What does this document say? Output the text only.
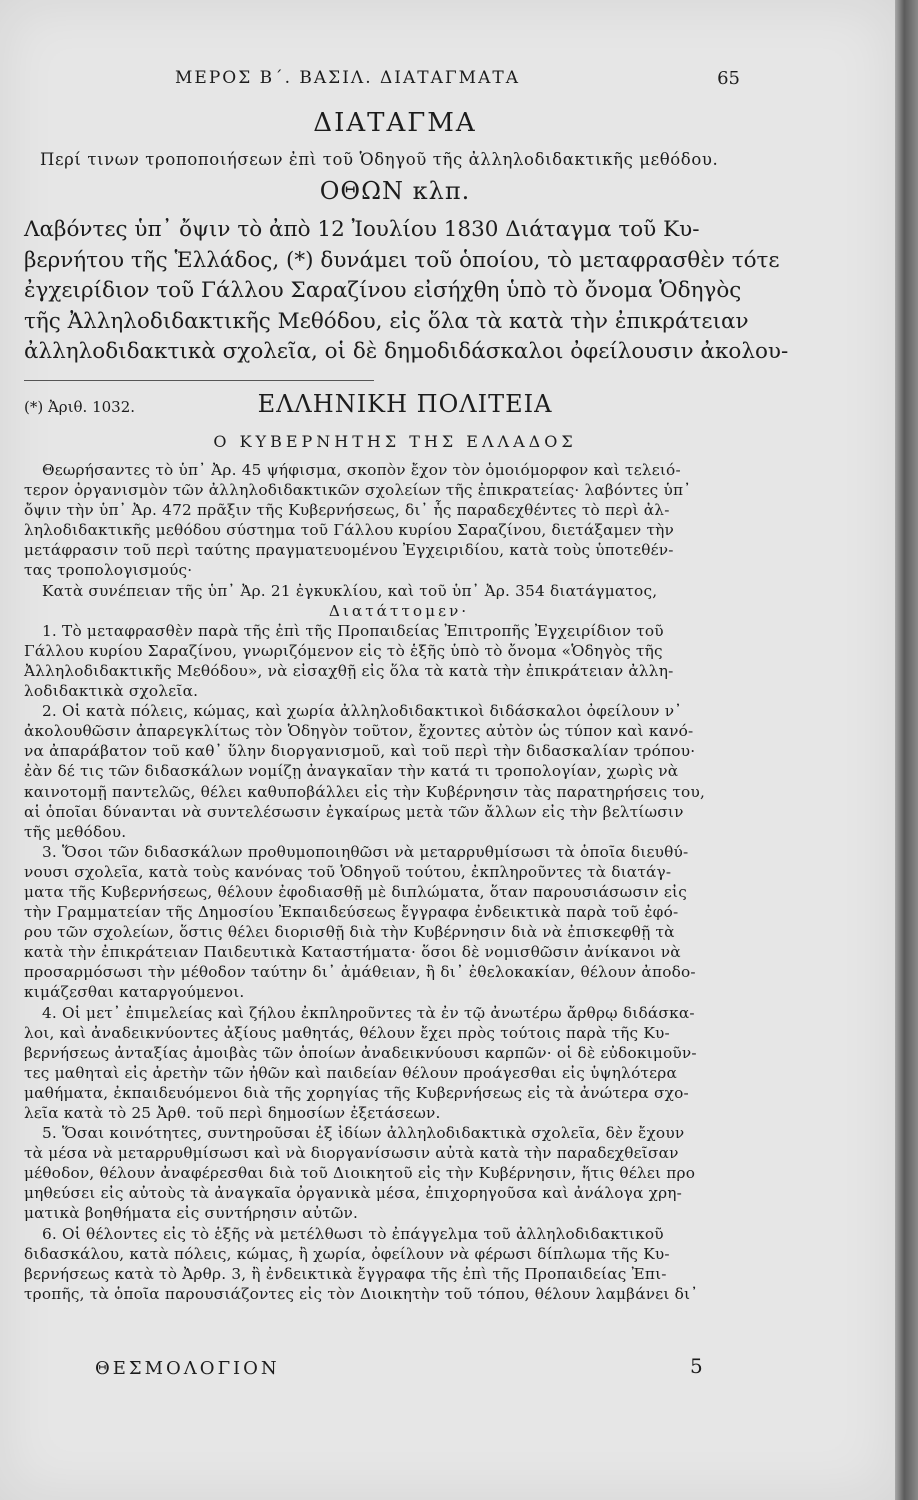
ΜΕΡΟΣ Β΄. ΒΑΣΙΛ. ΔΙΑΤΑΓΜΑΤΑ	65
ΔΙΑΤΑΓΜΑ
Περί τινων τροποποιήσεων ἐπὶ τοῦ Ὁδηγοῦ τῆς ἀλληλοδιδακτικῆς μεθόδου.
ΟΘΩΝ κλπ.
Λαβόντες ὑπ᾽ ὄψιν τὸ ἀπὸ 12 Ἰουλίου 1830 Διάταγμα τοῦ Κυ-
βερνήτου τῆς Ἑλλάδος, (*) δυνάμει τοῦ ὁποίου, τὸ μεταφρασθὲν τότε
ἐγχειρίδιον τοῦ Γάλλου Σαραζίνου εἰσήχθη ὑπὸ τὸ ὄνομα Ὁδηγὸς
τῆς Ἀλληλοδιδακτικῆς Μεθόδου, εἰς ὅλα τὰ κατὰ τὴν ἐπικράτειαν
ἀλληλοδιδακτικὰ σχολεῖα, οἱ δὲ δημοδιδάσκαλοι ὀφείλουσιν ἀκολου-
(*) Ἀριθ. 1032.	ΕΛΛΗΝΙΚΗ ΠΟΛΙΤΕΙΑ
Ο ΚΥΒΕΡΝΗΤΗΣ ΤΗΣ ΕΛΛΑΔΟΣ
Θεωρήσαντες τὸ ὑπ᾽ Ἀρ. 45 ψήφισμα, σκοπὸν ἔχον τὸν ὁμοιόμορφον καὶ τελειό-
τερον ὀργανισμὸν τῶν ἀλληλοδιδακτικῶν σχολείων τῆς ἐπικρατείας· λαβόντες ὑπ᾽
ὄψιν τὴν ὑπ᾽ Ἀρ. 472 πρᾶξιν τῆς Κυβερνήσεως, δι᾽ ἧς παραδεχθέντες τὸ περὶ ἀλ-
ληλοδιδακτικῆς μεθόδου σύστημα τοῦ Γάλλου κυρίου Σαραζίνου, διετάξαμεν τὴν
μετάφρασιν τοῦ περὶ ταύτης πραγματευομένου Ἐγχειριδίου, κατὰ τοὺς ὑποτεθέν-
τας τροπολογισμούς·
Κατὰ συνέπειαν τῆς ὑπ᾽ Ἀρ. 21 ἐγκυκλίου, καὶ τοῦ ὑπ᾽ Ἀρ. 354 διατάγματος,
Διατάττομεν·
1. Τὸ μεταφρασθὲν παρὰ τῆς ἐπὶ τῆς Προπαιδείας Ἐπιτροπῆς Ἐγχειρίδιον τοῦ
Γάλλου κυρίου Σαραζίνου, γνωριζόμενον εἰς τὸ ἑξῆς ὑπὸ τὸ ὄνομα «Ὁδηγὸς τῆς
Ἀλληλοδιδακτικῆς Μεθόδου», νὰ εἰσαχθῇ εἰς ὅλα τὰ κατὰ τὴν ἐπικράτειαν ἀλλη-
λοδιδακτικὰ σχολεῖα.
2. Οἱ κατὰ πόλεις, κώμας, καὶ χωρία ἀλληλοδιδακτικοὶ διδάσκαλοι ὀφείλουν ν᾽
ἀκολουθῶσιν ἀπαρεγκλίτως τὸν Ὁδηγὸν τοῦτον, ἔχοντες αὐτὸν ὡς τύπον καὶ κανό-
να ἀπαράβατον τοῦ καθ᾽ ὕλην διοργανισμοῦ, καὶ τοῦ περὶ τὴν διδασκαλίαν τρόπου·
ἐὰν δέ τις τῶν διδασκάλων νομίζῃ ἀναγκαῖαν τὴν κατά τι τροπολογίαν, χωρὶς νὰ
καινοτομῇ παντελῶς, θέλει καθυποβάλλει εἰς τὴν Κυβέρνησιν τὰς παρατηρήσεις του,
αἱ ὁποῖαι δύνανται νὰ συντελέσωσιν ἐγκαίρως μετὰ τῶν ἄλλων εἰς τὴν βελτίωσιν
τῆς μεθόδου.
3. Ὅσοι τῶν διδασκάλων προθυμοποιηθῶσι νὰ μεταρρυθμίσωσι τὰ ὁποῖα διευθύ-
νουσι σχολεῖα, κατὰ τοὺς κανόνας τοῦ Ὁδηγοῦ τούτου, ἐκπληροῦντες τὰ διατάγ-
ματα τῆς Κυβερνήσεως, θέλουν ἐφοδιασθῇ μὲ διπλώματα, ὅταν παρουσιάσωσιν εἰς
τὴν Γραμματείαν τῆς Δημοσίου Ἐκπαιδεύσεως ἔγγραφα ἐνδεικτικὰ παρὰ τοῦ ἐφό-
ρου τῶν σχολείων, ὅστις θέλει διορισθῇ διὰ τὴν Κυβέρνησιν διὰ νὰ ἐπισκεφθῇ τὰ
κατὰ τὴν ἐπικράτειαν Παιδευτικὰ Καταστήματα· ὅσοι δὲ νομισθῶσιν ἀνίκανοι νὰ
προσαρμόσωσι τὴν μέθοδον ταύτην δι᾽ ἀμάθειαν, ἢ δι᾽ ἐθελοκακίαν, θέλουν ἀποδο-
κιμάζεσθαι καταργούμενοι.
4. Οἱ μετ᾽ ἐπιμελείας καὶ ζήλου ἐκπληροῦντες τὰ ἐν τῷ ἀνωτέρω ἄρθρῳ διδάσκα-
λοι, καὶ ἀναδεικνύοντες ἀξίους μαθητάς, θέλουν ἔχει πρὸς τούτοις παρὰ τῆς Κυ-
βερνήσεως ἀνταξίας ἀμοιβὰς τῶν ὁποίων ἀναδεικνύουσι καρπῶν· οἱ δὲ εὐδοκιμοῦν-
τες μαθηταὶ εἰς ἀρετὴν τῶν ἠθῶν καὶ παιδείαν θέλουν προάγεσθαι εἰς ὑψηλότερα
μαθήματα, ἐκπαιδευόμενοι διὰ τῆς χορηγίας τῆς Κυβερνήσεως εἰς τὰ ἀνώτερα σχο-
λεῖα κατὰ τὸ 25 Ἀρθ. τοῦ περὶ δημοσίων ἐξετάσεων.
5. Ὅσαι κοινότητες, συντηροῦσαι ἐξ ἰδίων ἀλληλοδιδακτικὰ σχολεῖα, δὲν ἔχουν
τὰ μέσα νὰ μεταρρυθμίσωσι καὶ νὰ διοργανίσωσιν αὐτὰ κατὰ τὴν παραδεχθεῖσαν
μέθοδον, θέλουν ἀναφέρεσθαι διὰ τοῦ Διοικητοῦ εἰς τὴν Κυβέρνησιν, ἥτις θέλει προ
μηθεύσει εἰς αὐτοὺς τὰ ἀναγκαῖα ὀργανικὰ μέσα, ἐπιχορηγοῦσα καὶ ἀνάλογα χρη-
ματικὰ βοηθήματα εἰς συντήρησιν αὐτῶν.
6. Οἱ θέλοντες εἰς τὸ ἑξῆς νὰ μετέλθωσι τὸ ἐπάγγελμα τοῦ ἀλληλοδιδακτικοῦ
διδασκάλου, κατὰ πόλεις, κώμας, ἢ χωρία, ὀφείλουν νὰ φέρωσι δίπλωμα τῆς Κυ-
βερνήσεως κατὰ τὸ Ἀρθρ. 3, ἢ ἐνδεικτικὰ ἔγγραφα τῆς ἐπὶ τῆς Προπαιδείας Ἐπι-
τροπῆς, τὰ ὁποῖα παρουσιάζοντες εἰς τὸν Διοικητὴν τοῦ τόπου, θέλουν λαμβάνει δι᾽
ΘΕΣΜΟΛΟΓΙΟΝ	5
